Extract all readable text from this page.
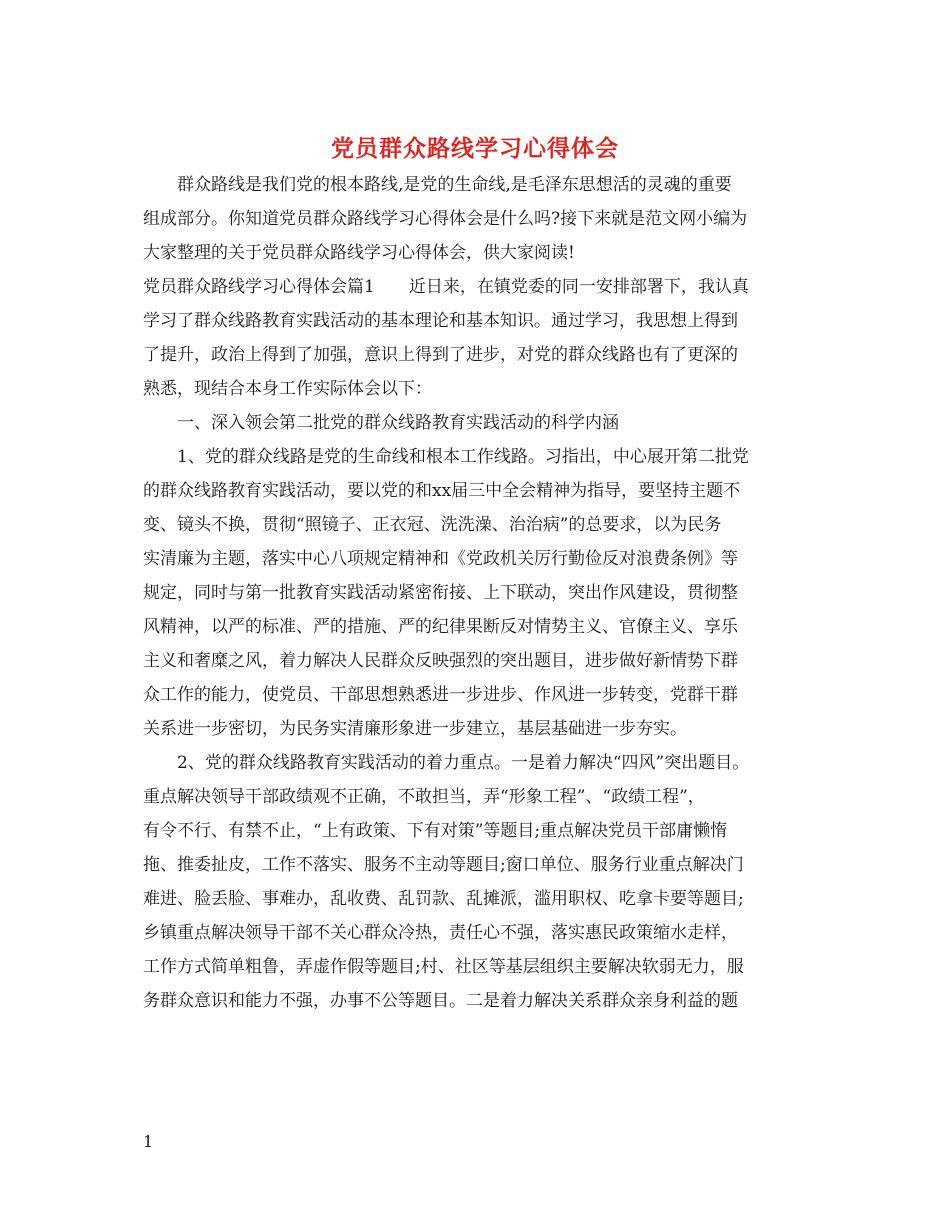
党员群众路线学习心得体会
群众路线是我们党的根本路线,是党的生命线,是毛泽东思想活的灵魂的重要
组成部分。你知道党员群众路线学习心得体会是什么吗?接下来就是范文网小编为
大家整理的关于党员群众路线学习心得体会，供大家阅读!
党员群众路线学习心得体会篇1　　近日来，在镇党委的同一安排部署下，我认真
学习了群众线路教育实践活动的基本理论和基本知识。通过学习，我思想上得到
了提升，政治上得到了加强，意识上得到了进步，对党的群众线路也有了更深的
熟悉，现结合本身工作实际体会以下：
一、深入领会第二批党的群众线路教育实践活动的科学内涵
1、党的群众线路是党的生命线和根本工作线路。习指出，中心展开第二批党
的群众线路教育实践活动，要以党的和xx届三中全会精神为指导，要坚持主题不
变、镜头不换，贯彻“照镜子、正衣冠、洗洗澡、治治病”的总要求，以为民务
实清廉为主题，落实中心八项规定精神和《党政机关厉行勤俭反对浪费条例》等
规定，同时与第一批教育实践活动紧密衔接、上下联动，突出作风建设，贯彻整
风精神，以严的标准、严的措施、严的纪律果断反对情势主义、官僚主义、享乐
主义和奢糜之风，着力解决人民群众反映强烈的突出题目，进步做好新情势下群
众工作的能力，使党员、干部思想熟悉进一步进步、作风进一步转变，党群干群
关系进一步密切，为民务实清廉形象进一步建立，基层基础进一步夯实。
2、党的群众线路教育实践活动的着力重点。一是着力解决“四风”突出题目。
重点解决领导干部政绩观不正确，不敢担当，弄“形象工程”、“政绩工程”，
有令不行、有禁不止，“上有政策、下有对策”等题目;重点解决党员干部庸懒惰
拖、推委扯皮，工作不落实、服务不主动等题目;窗口单位、服务行业重点解决门
难进、脸丢脸、事难办，乱收费、乱罚款、乱摊派，滥用职权、吃拿卡要等题目;
乡镇重点解决领导干部不关心群众冷热，责任心不强，落实惠民政策缩水走样，
工作方式简单粗鲁，弄虚作假等题目;村、社区等基层组织主要解决软弱无力，服
务群众意识和能力不强，办事不公等题目。二是着力解决关系群众亲身利益的题
1
